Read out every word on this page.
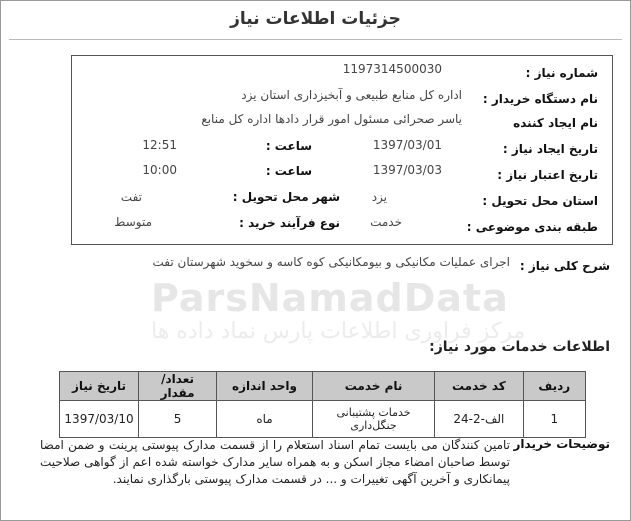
جزئیات اطلاعات نیاز

شماره نیاز :
1197314500030
نام دستگاه خریدار :
اداره کل منابع طبیعی و آبخیزداری استان یزد
نام ایجاد کننده
یاسر صحرائی مسئول امور قرار دادها اداره کل منابع
تاریخ ایجاد نیاز :
1397/03/01
ساعت :
12:51
تاریخ اعتبار نیاز :
1397/03/03
ساعت :
10:00
استان محل تحویل :
یزد
شهر محل تحویل :
تفت
طبقه بندی موضوعی :
خدمت
نوع فرآیند خرید :
متوسط
شرح کلی نیاز :
اجرای عملیات مکانیکی و بیومکانیکی کوه کاسه و سخوید شهرستان تفت
ParsNamadData
مرکز فراوری اطلاعات پارس نماد داده ها
اطلاعات خدمات مورد نیاز:
ردیف	کد خدمت	نام خدمت	واحد اندازه	تعداد/ مقدار	تاریخ نیاز
1	الف-2-24	خدمات پشتیبانی جنگل‌داری	ماه	5	1397/03/10
توضیحات خریدار
تامین کنندگان می بایست تمام اسناد استعلام را از قسمت مدارک پیوستی پرینت و ضمن امضا توسط صاحبان امضاء مجاز اسکن و به همراه سایر مدارک خواسته شده اعم از گواهی صلاحیت پیمانکاری و آخرین آگهی تغییرات و ... در قسمت مدارک پیوستی بارگذاری نمایند.
